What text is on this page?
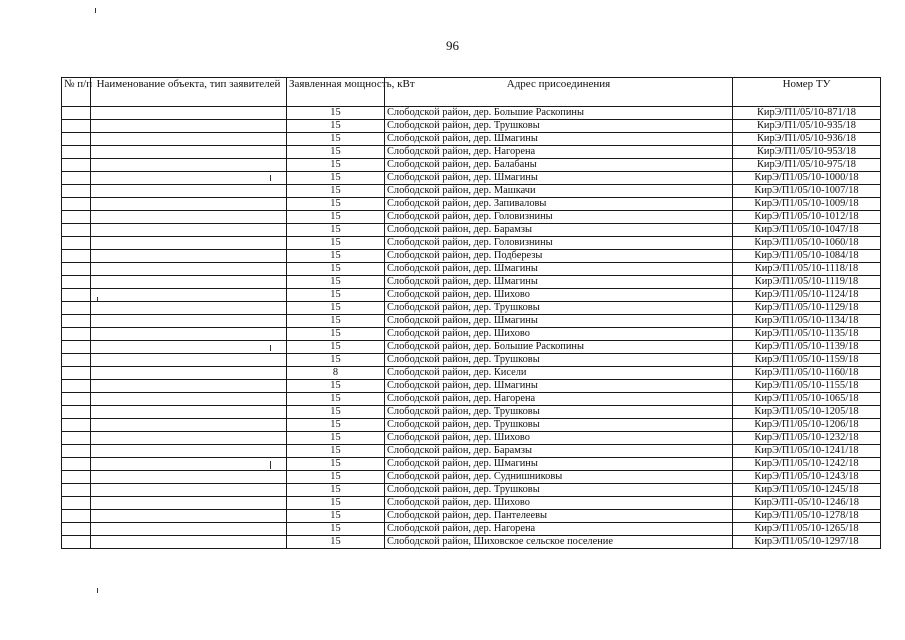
96
№ п/п	Наименование объекта, тип заявителей	Заявленная мощность, кВт	Адрес присоединения	Номер ТУ
		15	Слободской район, дер. Большие Раскопины	КирЭ/П1/05/10-871/18
		15	Слободской район, дер. Трушковы	КирЭ/П1/05/10-935/18
		15	Слободской район, дер. Шмагины	КирЭ/П1/05/10-936/18
		15	Слободской район, дер. Нагорена	КирЭ/П1/05/10-953/18
		15	Слободской район, дер. Балабаны	КирЭ/П1/05/10-975/18
		15	Слободской район, дер. Шмагины	КирЭ/П1/05/10-1000/18
		15	Слободской район, дер. Машкачи	КирЭ/П1/05/10-1007/18
		15	Слободской район, дер. Запиваловы	КирЭ/П1/05/10-1009/18
		15	Слободской район, дер. Головизнины	КирЭ/П1/05/10-1012/18
		15	Слободской район, дер. Барамзы	КирЭ/П1/05/10-1047/18
		15	Слободской район, дер. Головизнины	КирЭ/П1/05/10-1060/18
		15	Слободской район, дер. Подберезы	КирЭ/П1/05/10-1084/18
		15	Слободской район, дер. Шмагины	КирЭ/П1/05/10-1118/18
		15	Слободской район, дер. Шмагины	КирЭ/П1/05/10-1119/18
		15	Слободской район, дер. Шихово	КирЭ/П1/05/10-1124/18
		15	Слободской район, дер. Трушковы	КирЭ/П1/05/10-1129/18
		15	Слободской район, дер. Шмагины	КирЭ/П1/05/10-1134/18
		15	Слободской район, дер. Шихово	КирЭ/П1/05/10-1135/18
		15	Слободской район, дер. Большие Раскопины	КирЭ/П1/05/10-1139/18
		15	Слободской район, дер. Трушковы	КирЭ/П1/05/10-1159/18
		8	Слободской район, дер. Кисели	КирЭ/П1/05/10-1160/18
		15	Слободской район, дер. Шмагины	КирЭ/П1/05/10-1155/18
		15	Слободской район, дер. Нагорена	КирЭ/П1/05/10-1065/18
		15	Слободской район, дер. Трушковы	КирЭ/П1/05/10-1205/18
		15	Слободской район, дер. Трушковы	КирЭ/П1/05/10-1206/18
		15	Слободской район, дер. Шихово	КирЭ/П1/05/10-1232/18
		15	Слободской район, дер. Барамзы	КирЭ/П1/05/10-1241/18
		15	Слободской район, дер. Шмагины	КирЭ/П1/05/10-1242/18
		15	Слободской район, дер. Суднишниковы	КирЭ/П1/05/10-1243/18
		15	Слободской район, дер. Трушковы	КирЭ/П1/05/10-1245/18
		15	Слободской район, дер. Шихово	КирЭ/П1-05/10-1246/18
		15	Слободской район, дер. Пантелеевы	КирЭ/П1/05/10-1278/18
		15	Слободской район, дер. Нагорена	КирЭ/П1/05/10-1265/18
		15	Слободской район, Шиховское сельское поселение	КирЭ/П1/05/10-1297/18
